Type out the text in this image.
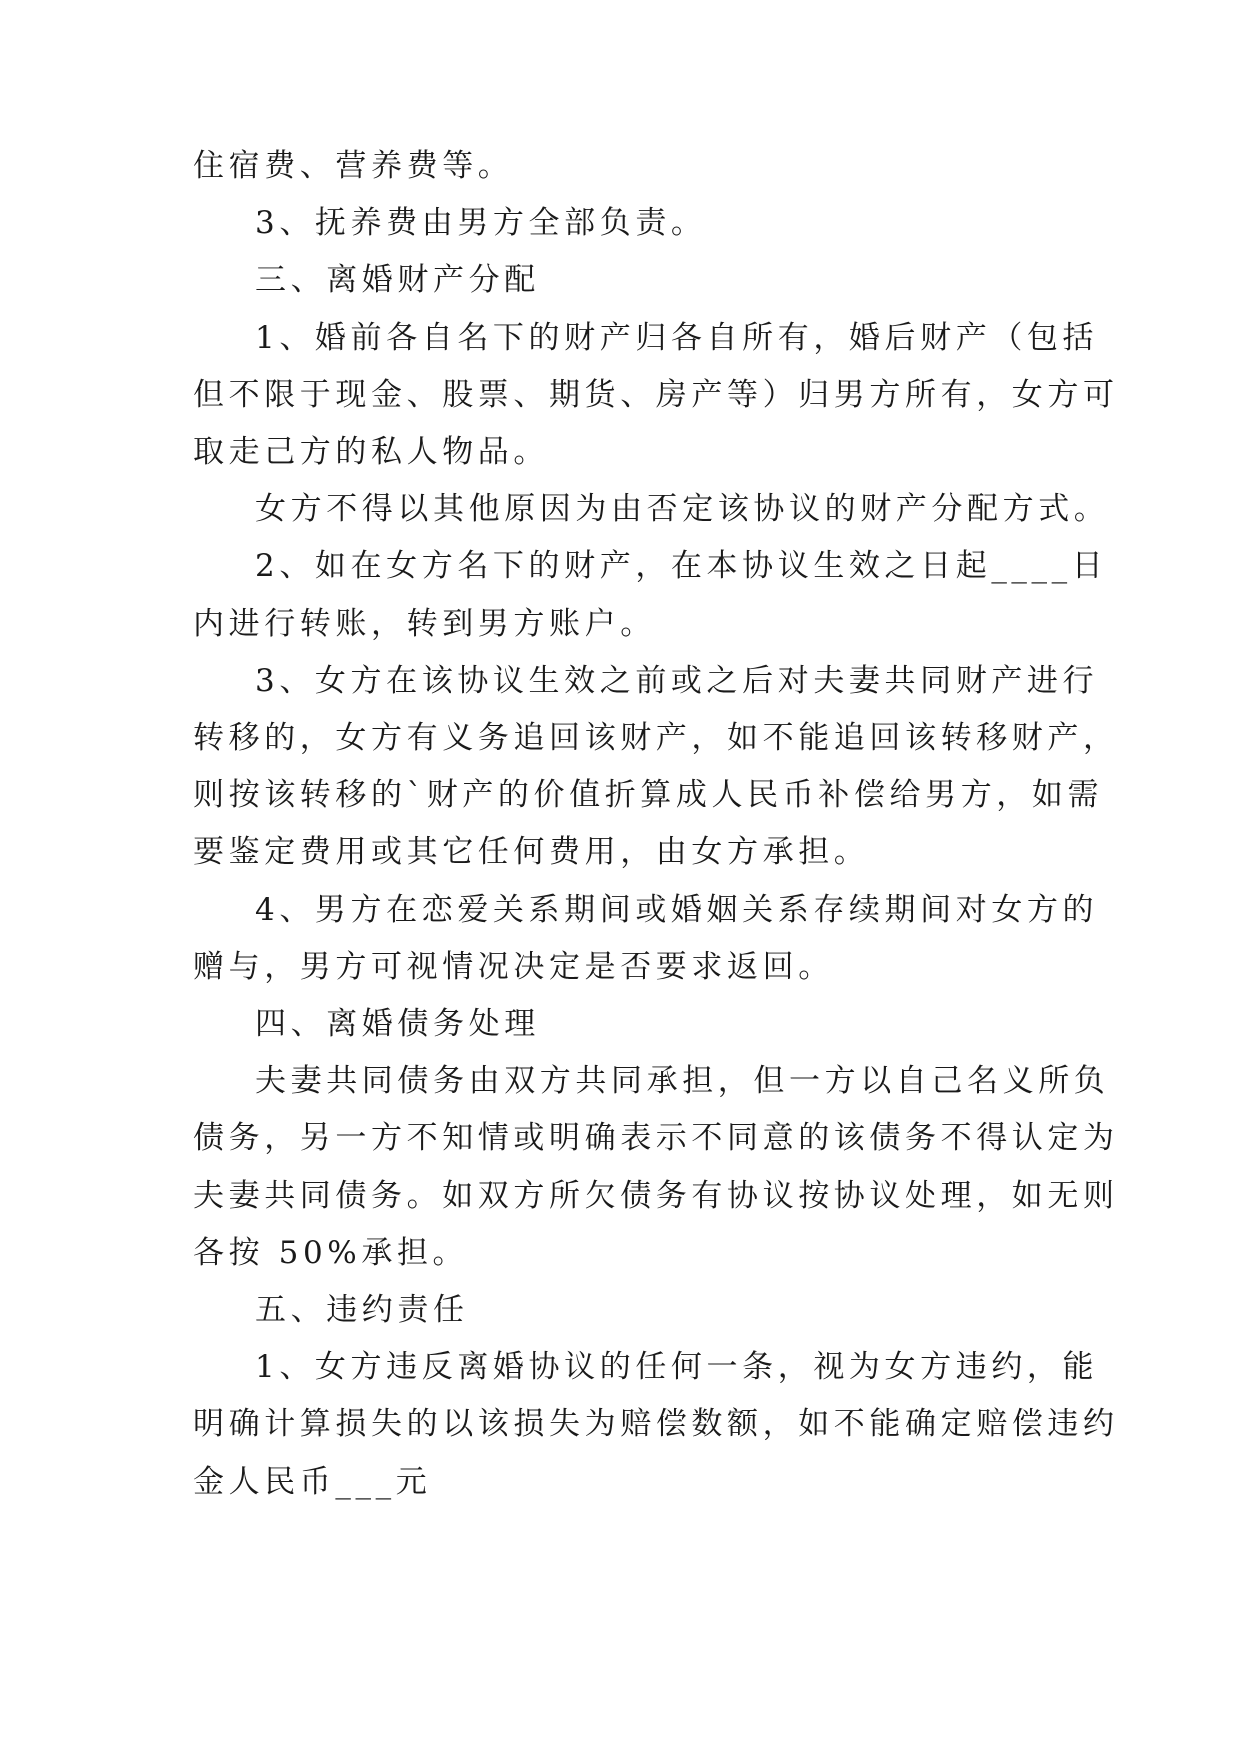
住宿费、营养费等。

3、抚养费由男方全部负责。

三、离婚财产分配

1、婚前各自名下的财产归各自所有，婚后财产（包括

但不限于现金、股票、期货、房产等）归男方所有，女方可

取走己方的私人物品。

女方不得以其他原因为由否定该协议的财产分配方式。

2、如在女方名下的财产，在本协议生效之日起____日

内进行转账，转到男方账户。

3、女方在该协议生效之前或之后对夫妻共同财产进行

转移的，女方有义务追回该财产，如不能追回该转移财产，

则按该转移的`财产的价值折算成人民币补偿给男方，如需

要鉴定费用或其它任何费用，由女方承担。

4、男方在恋爱关系期间或婚姻关系存续期间对女方的

赠与，男方可视情况决定是否要求返回。

四、离婚债务处理

夫妻共同债务由双方共同承担，但一方以自己名义所负

债务，另一方不知情或明确表示不同意的该债务不得认定为

夫妻共同债务。如双方所欠债务有协议按协议处理，如无则

各按 50%承担。

五、违约责任

1、女方违反离婚协议的任何一条，视为女方违约，能

明确计算损失的以该损失为赔偿数额，如不能确定赔偿违约

金人民币___元
